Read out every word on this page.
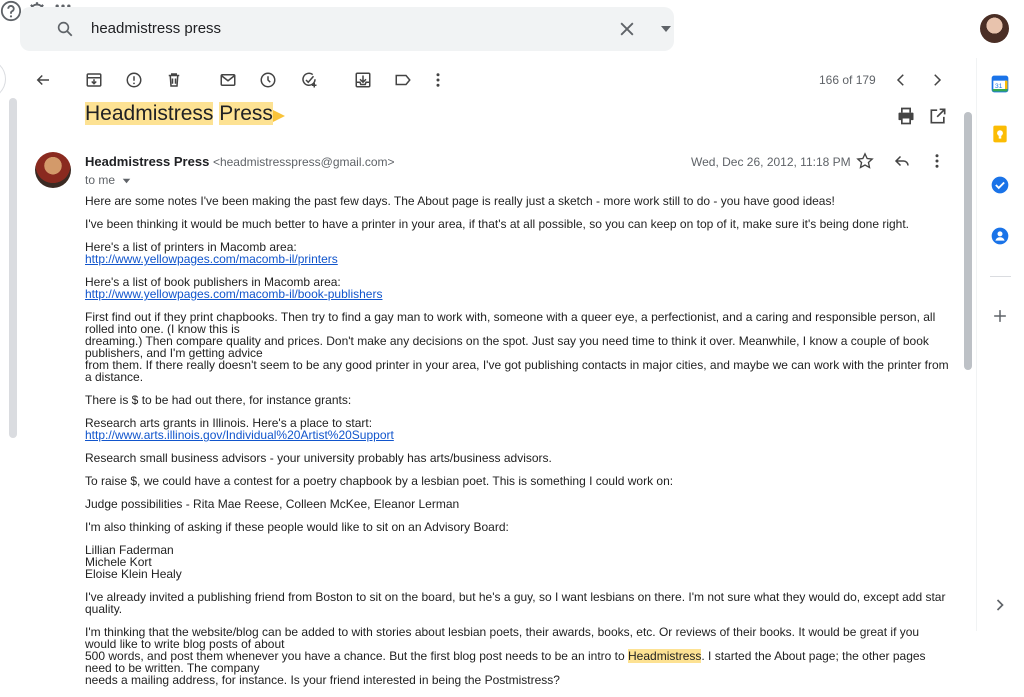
headmistress press

166 of 179
Headmistress Press
Headmistress Press <headmistresspress@gmail.com>
to me
Wed, Dec 26, 2012, 11:18 PM

Here are some notes I've been making the past few days. The About page is really just a sketch - more work still to do - you have good ideas!

I've been thinking it would be much better to have a printer in your area, if that's at all possible, so you can keep on top of it, make sure it's being done right.

Here's a list of printers in Macomb area:
http://www.yellowpages.com/macomb-il/printers

Here's a list of book publishers in Macomb area:
http://www.yellowpages.com/macomb-il/book-publishers

First find out if they print chapbooks. Then try to find a gay man to work with, someone with a queer eye, a perfectionist, and a caring and responsible person, all rolled into one. (I know this is
dreaming.) Then compare quality and prices. Don't make any decisions on the spot. Just say you need time to think it over. Meanwhile, I know a couple of book publishers, and I'm getting advice
from them. If there really doesn't seem to be any good printer in your area, I've got publishing contacts in major cities, and maybe we can work with the printer from a distance.

There is $ to be had out there, for instance grants:

Research arts grants in Illinois. Here's a place to start:
http://www.arts.illinois.gov/Individual%20Artist%20Support

Research small business advisors - your university probably has arts/business advisors.

To raise $, we could have a contest for a poetry chapbook by a lesbian poet. This is something I could work on:

Judge possibilities - Rita Mae Reese, Colleen McKee, Eleanor Lerman

I'm also thinking of asking if these people would like to sit on an Advisory Board:

Lillian Faderman
Michele Kort
Eloise Klein Healy

I've already invited a publishing friend from Boston to sit on the board, but he's a guy, so I want lesbians on there. I'm not sure what they would do, except add star quality.

I'm thinking that the website/blog can be added to with stories about lesbian poets, their awards, books, etc. Or reviews of their books. It would be great if you would like to write blog posts of about
500 words, and post them whenever you have a chance. But the first blog post needs to be an intro to Headmistress. I started the About page; the other pages need to be written. The company
needs a mailing address, for instance. Is your friend interested in being the Postmistress?

31
